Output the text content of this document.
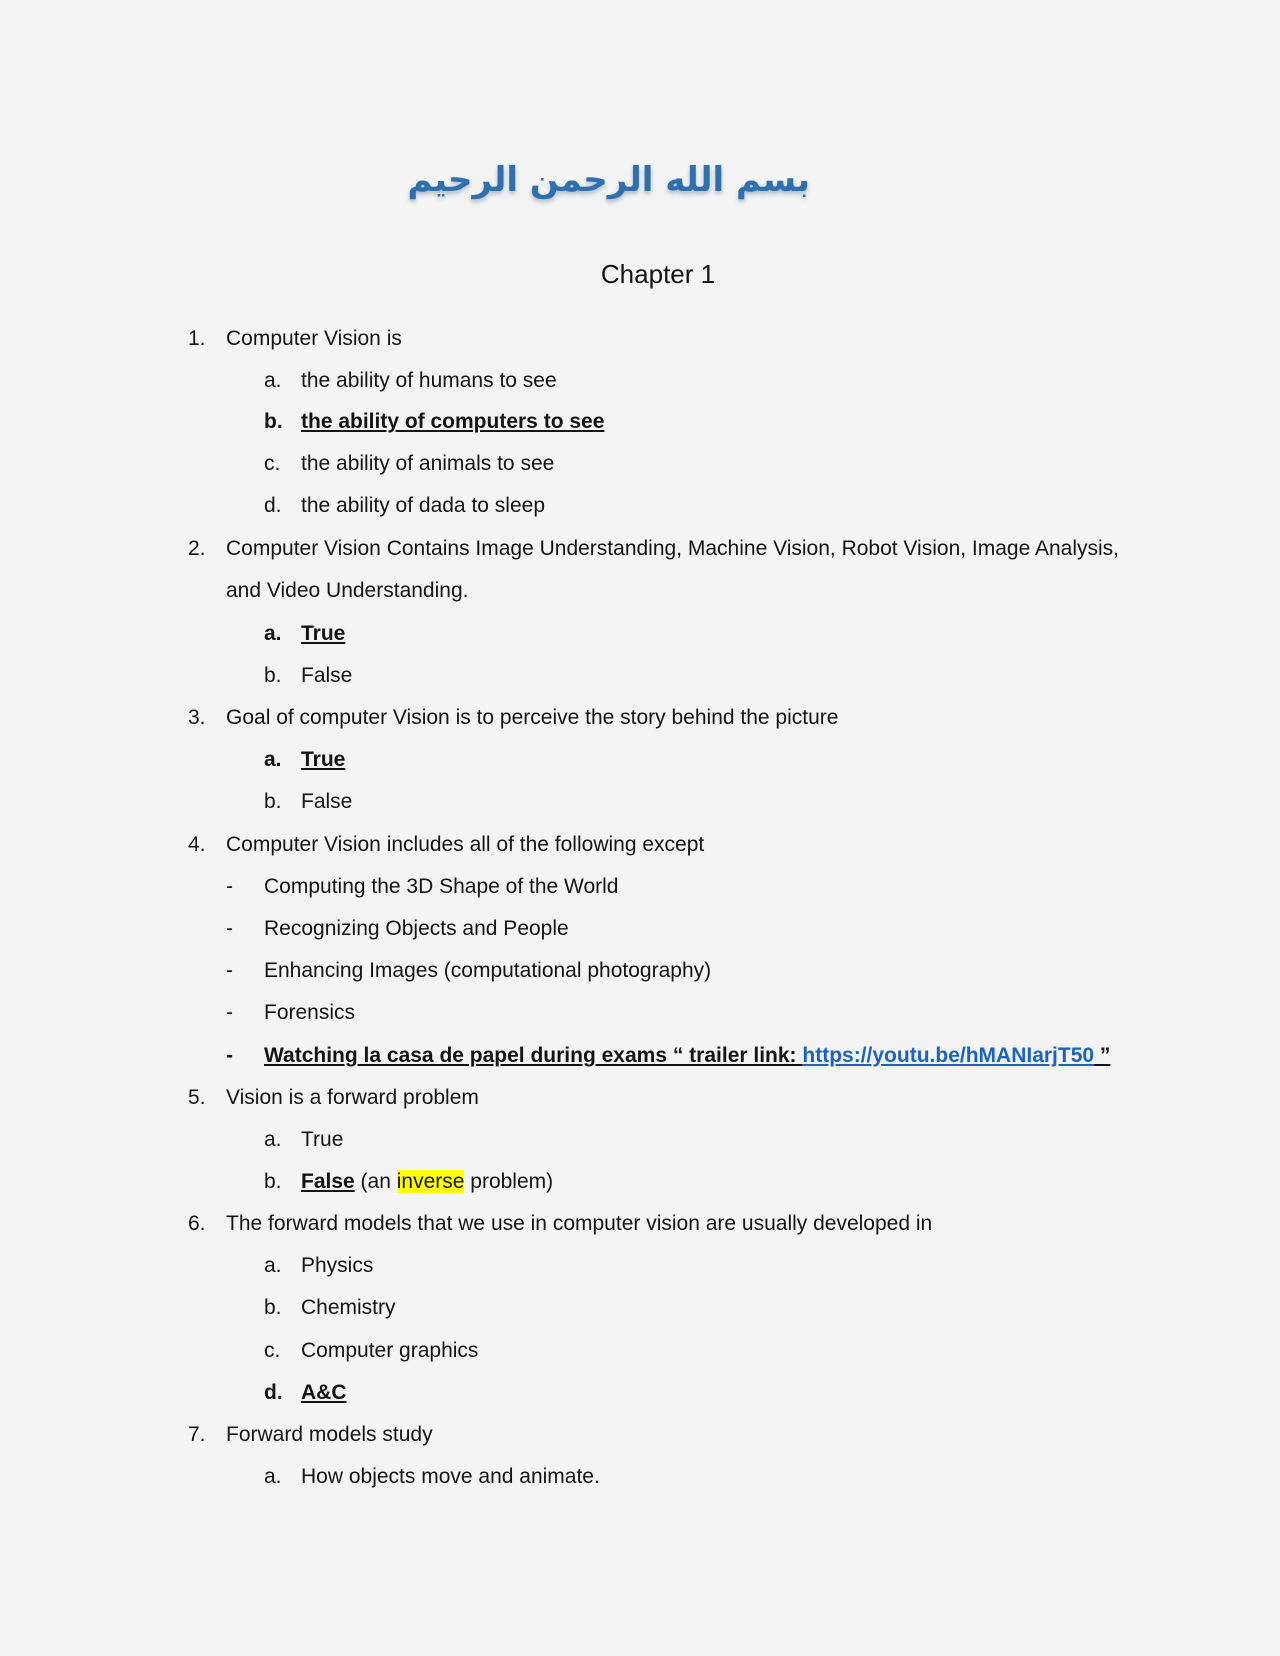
بسم الله الرحمن الرحيم
Chapter 1
1. Computer Vision is
a. the ability of humans to see
b. the ability of computers to see
c. the ability of animals to see
d. the ability of dada to sleep
2. Computer Vision Contains Image Understanding, Machine Vision, Robot Vision, Image Analysis,
and Video Understanding.
a. True
b. False
3. Goal of computer Vision is to perceive the story behind the picture
a. True
b. False
4. Computer Vision includes all of the following except
- Computing the 3D Shape of the World
- Recognizing Objects and People
- Enhancing Images (computational photography)
- Forensics
- Watching la casa de papel during exams “ trailer link: https://youtu.be/hMANIarjT50 ”
5. Vision is a forward problem
a. True
b. False (an inverse problem)
6. The forward models that we use in computer vision are usually developed in
a. Physics
b. Chemistry
c. Computer graphics
d. A&C
7. Forward models study
a. How objects move and animate.
